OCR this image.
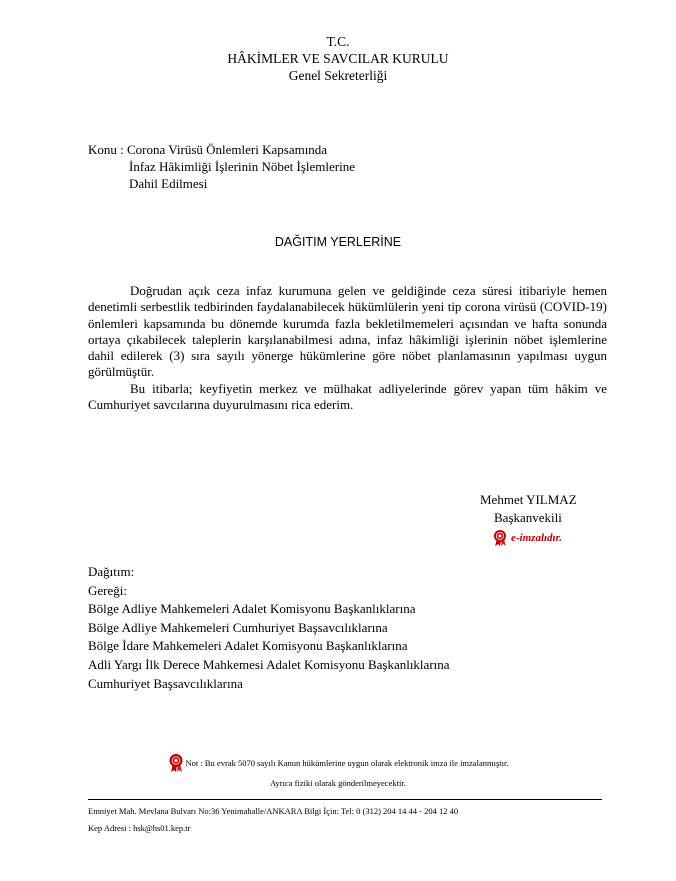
T.C.
HÂKİMLER VE SAVCILAR KURULU
Genel Sekreterliği
Konu : Corona Virüsü Önlemleri Kapsamında
İnfaz Hâkimliği İşlerinin Nöbet İşlemlerine
Dahil Edilmesi
DAĞITIM YERLERİNE

Doğrudan açık ceza infaz kurumuna gelen ve geldiğinde ceza süresi itibariyle hemen denetimli serbestlik tedbirinden faydalanabilecek hükümlülerin yeni tip corona virüsü (COVID-19) önlemleri kapsamında bu dönemde kurumda fazla bekletilmemeleri açısından ve hafta sonunda ortaya çıkabilecek taleplerin karşılanabilmesi adına, infaz hâkimliği işlerinin nöbet işlemlerine dahil edilerek (3) sıra sayılı yönerge hükümlerine göre nöbet planlamasının yapılması uygun görülmüştür.

Bu itibarla; keyfiyetin merkez ve mülhakat adliyelerinde görev yapan tüm hâkim ve Cumhuriyet savcılarına duyurulmasını rica ederim.

Mehmet YILMAZ
Başkanvekili
e-imzalıdır.
Dağıtım:
Gereği:
Bölge Adliye Mahkemeleri Adalet Komisyonu Başkanlıklarına
Bölge Adliye Mahkemeleri Cumhuriyet Başsavcılıklarına
Bölge İdare Mahkemeleri Adalet Komisyonu Başkanlıklarına
Adli Yargı İlk Derece Mahkemesi Adalet Komisyonu Başkanlıklarına
Cumhuriyet Başsavcılıklarına
Not : Bu evrak 5070 sayılı Kanun hükümlerine uygun olarak elektronik imza ile imzalanmıştır.
Ayrıca fiziki olarak gönderilmeyecektir.
Emniyet Mah. Mevlana Bulvarı No:36 Yenimahalle/ANKARA Bilgi İçin: Tel: 0 (312) 204 14 44 - 204 12 40
Kep Adresi : hsk@hs01.kep.tr
